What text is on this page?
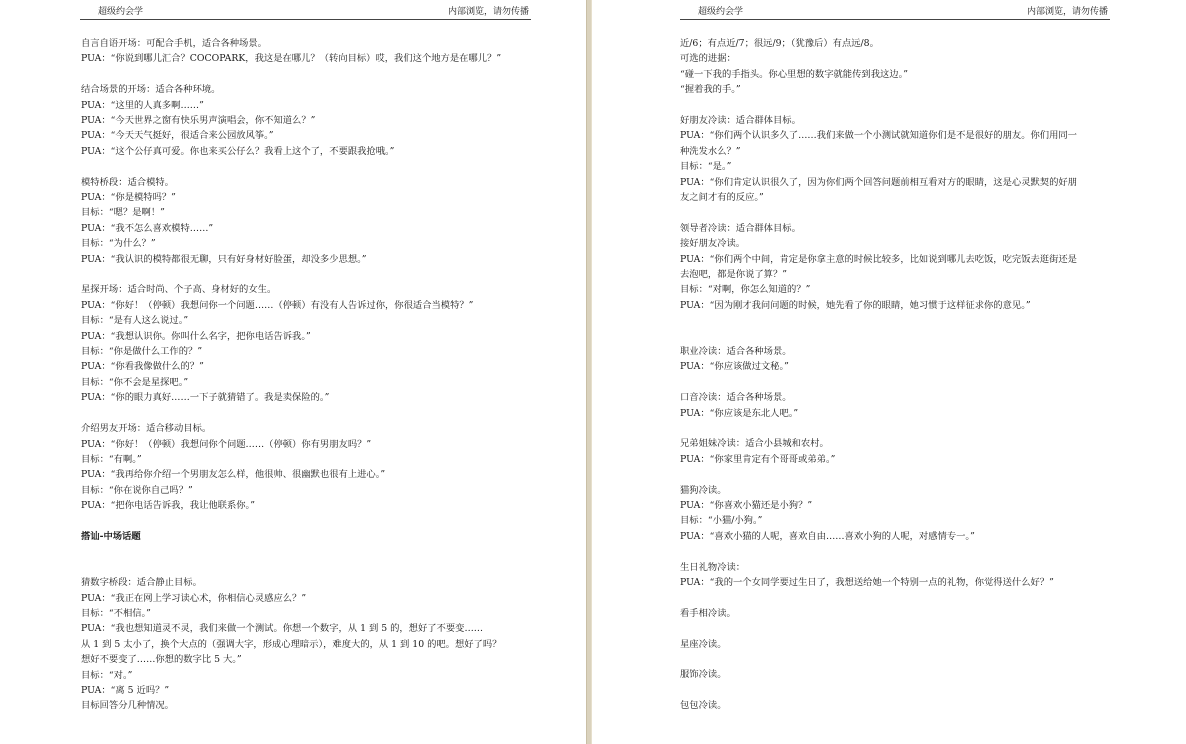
超级约会学	内部浏览，请勿传播
自言自语开场：可配合手机，适合各种场景。
PUA：“你说到哪儿汇合？COCOPARK，我这是在哪儿？（转向目标）哎，我们这个地方是在哪儿？”
结合场景的开场：适合各种环境。
PUA：“这里的人真多啊……”
PUA：“今天世界之窗有快乐男声演唱会，你不知道么？”
PUA：“今天天气挺好，很适合来公园放风筝。”
PUA：“这个公仔真可爱。你也来买公仔么？我看上这个了，不要跟我抢哦。”
模特桥段：适合模特。
PUA：“你是模特吗？”
目标：“嗯？是啊！”
PUA：“我不怎么喜欢模特……”
目标：“为什么？”
PUA：“我认识的模特都很无聊，只有好身材好脸蛋，却没多少思想。”
星探开场：适合时尚、个子高、身材好的女生。
PUA：“你好！（停顿）我想问你一个问题……（停顿）有没有人告诉过你，你很适合当模特？”
目标：“是有人这么说过。”
PUA：“我想认识你。你叫什么名字，把你电话告诉我。”
目标：“你是做什么工作的？”
PUA：“你看我像做什么的？”
目标：“你不会是星探吧。”
PUA：“你的眼力真好……一下子就猜错了。我是卖保险的。”
介绍男友开场：适合移动目标。
PUA：“你好！（停顿）我想问你个问题……（停顿）你有男朋友吗？”
目标：“有啊。”
PUA：“我再给你介绍一个男朋友怎么样，他很帅、很幽默也很有上进心。”
目标：“你在说你自己吗？”
PUA：“把你电话告诉我，我让他联系你。”
搭讪-中场话题
猜数字桥段：适合静止目标。
PUA：“我正在网上学习读心术，你相信心灵感应么？”
目标：“不相信。”
PUA：“我也想知道灵不灵，我们来做一个测试。你想一个数字，从 1 到 5 的，想好了不要变……
从 1 到 5 太小了，换个大点的（强调大字，形成心理暗示），难度大的，从 1 到 10 的吧。想好了吗？
想好不要变了……你想的数字比 5 大。”
目标：“对。”
PUA：“离 5 近吗？”
目标回答分几种情况。
超级约会学	内部浏览，请勿传播
近/6；有点近/7；很远/9；（犹豫后）有点远/8。
可选的进据：
“碰一下我的手指头。你心里想的数字就能传到我这边。”
“握着我的手。”
好朋友冷读：适合群体目标。
PUA：“你们两个认识多久了……我们来做一个小测试就知道你们是不是很好的朋友。你们用同一
种洗发水么？”
目标：“是。”
PUA：“你们肯定认识很久了，因为你们两个回答问题前相互看对方的眼睛，这是心灵默契的好朋
友之间才有的反应。”
领导者冷读：适合群体目标。
接好朋友冷读。
PUA：“你们两个中间，肯定是你拿主意的时候比较多，比如说到哪儿去吃饭，吃完饭去逛街还是
去泡吧，都是你说了算？”
目标：“对啊，你怎么知道的？”
PUA：“因为刚才我问问题的时候，她先看了你的眼睛，她习惯于这样征求你的意见。”
职业冷读：适合各种场景。
PUA：“你应该做过文秘。”
口音冷读：适合各种场景。
PUA：“你应该是东北人吧。”
兄弟姐妹冷读：适合小县城和农村。
PUA：“你家里肯定有个哥哥或弟弟。”
猫狗冷读。
PUA：“你喜欢小猫还是小狗？”
目标：“小猫/小狗。”
PUA：“喜欢小猫的人呢，喜欢自由……喜欢小狗的人呢，对感情专一。”
生日礼物冷读：
PUA：“我的一个女同学要过生日了，我想送给她一个特别一点的礼物，你觉得送什么好？”
看手相冷读。
星座冷读。
服饰冷读。
包包冷读。
